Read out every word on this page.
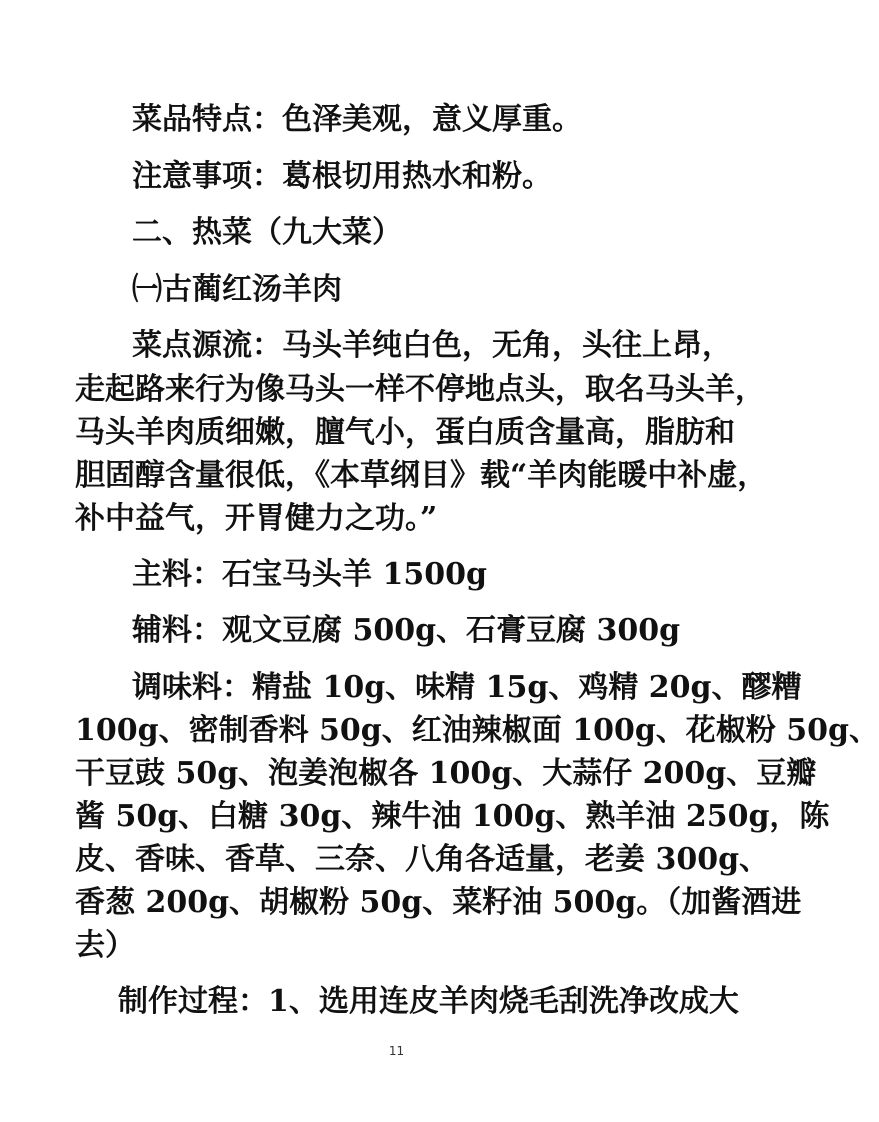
菜品特点：色泽美观，意义厚重。
注意事项：葛根切用热水和粉。
二、热菜（九大菜）
㈠古蔺红汤羊肉
菜点源流：马头羊纯白色，无角，头往上昂，
走起路来行为像马头一样不停地点头，取名马头羊，
马头羊肉质细嫩，膻气小，蛋白质含量高，脂肪和
胆固醇含量很低，《本草纲目》载“羊肉能暖中补虚，
补中益气，开胃健力之功。”
主料：石宝马头羊 1500g
辅料：观文豆腐 500g、石膏豆腐 300g
调味料：精盐 10g、味精 15g、鸡精 20g、醪糟
100g、密制香料 50g、红油辣椒面 100g、花椒粉 50g、
干豆豉 50g、泡姜泡椒各 100g、大蒜仔 200g、豆瓣
酱 50g、白糖 30g、辣牛油 100g、熟羊油 250g，陈
皮、香味、香草、三奈、八角各适量，老姜 300g、
香葱 200g、胡椒粉 50g、菜籽油 500g。（加酱酒进
去）
制作过程：1、选用连皮羊肉烧毛刮洗净改成大
11
